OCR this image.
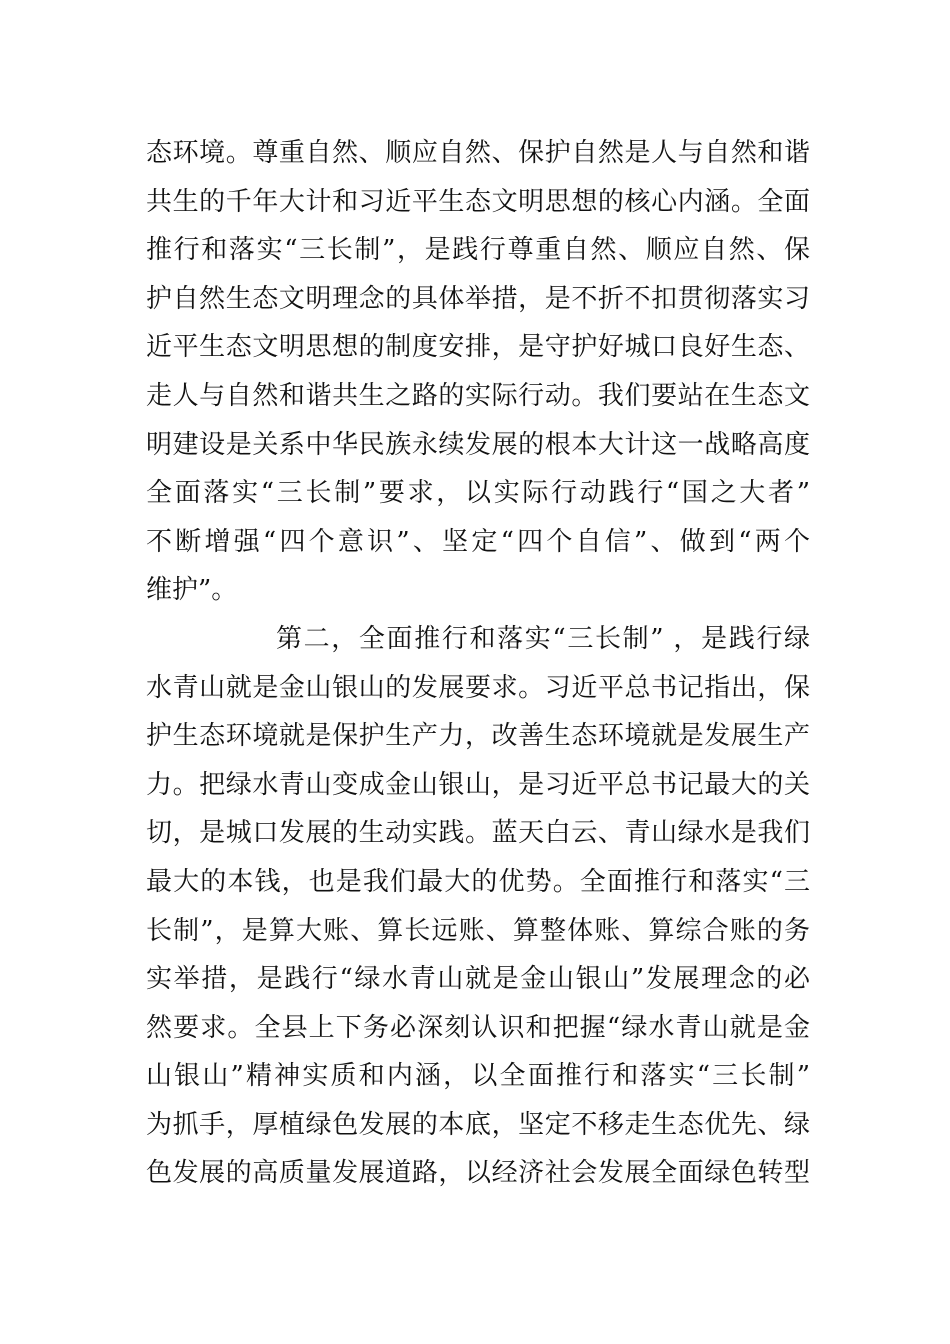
态环境。尊重自然、顺应自然、保护自然是人与自然和谐
共生的千年大计和习近平生态文明思想的核心内涵。全面
推行和落实“三长制”，是践行尊重自然、顺应自然、保
护自然生态文明理念的具体举措，是不折不扣贯彻落实习
近平生态文明思想的制度安排，是守护好城口良好生态、
走人与自然和谐共生之路的实际行动。我们要站在生态文
明建设是关系中华民族永续发展的根本大计这一战略高度
全面落实“三长制”要求，以实际行动践行“国之大者”
不断增强“四个意识”、坚定“四个自信”、做到“两个
维护”。
第二，全面推行和落实“三长制” ，是践行绿
水青山就是金山银山的发展要求。习近平总书记指出，保
护生态环境就是保护生产力，改善生态环境就是发展生产
力。把绿水青山变成金山银山，是习近平总书记最大的关
切，是城口发展的生动实践。蓝天白云、青山绿水是我们
最大的本钱，也是我们最大的优势。全面推行和落实“三
长制”，是算大账、算长远账、算整体账、算综合账的务
实举措，是践行“绿水青山就是金山银山”发展理念的必
然要求。全县上下务必深刻认识和把握“绿水青山就是金
山银山”精神实质和内涵，以全面推行和落实“三长制”
为抓手，厚植绿色发展的本底，坚定不移走生态优先、绿
色发展的高质量发展道路，以经济社会发展全面绿色转型
